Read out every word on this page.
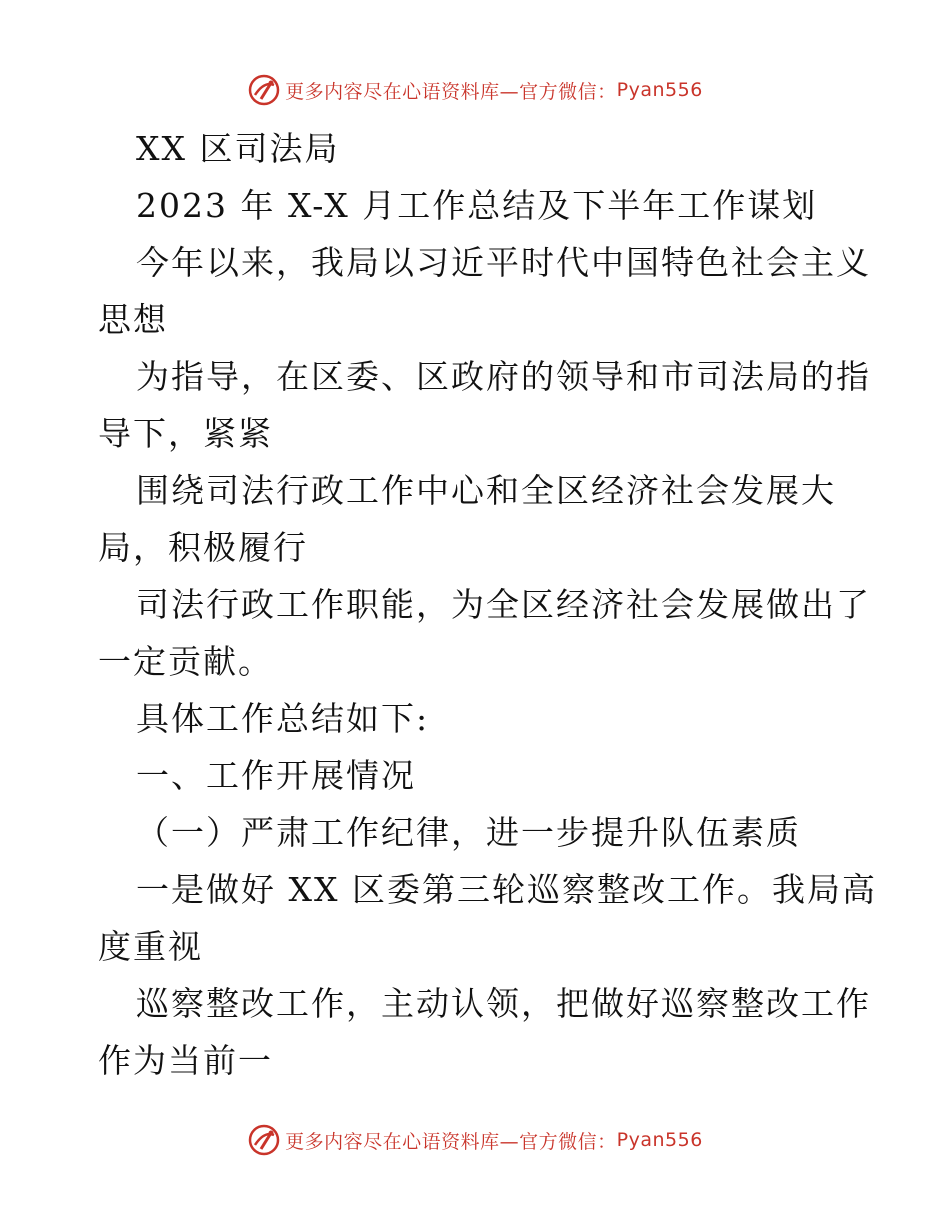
更多内容尽在心语资料库—官方微信： Pyan556
XX 区司法局
2023 年 X-X 月工作总结及下半年工作谋划
今年以来，我局以习近平时代中国特色社会主义
思想
为指导，在区委、区政府的领导和市司法局的指
导下，紧紧
围绕司法行政工作中心和全区经济社会发展大
局，积极履行
司法行政工作职能，为全区经济社会发展做出了
一定贡献。
具体工作总结如下:
一、工作开展情况
（一）严肃工作纪律，进一步提升队伍素质
一是做好 XX 区委第三轮巡察整改工作。我局高
度重视
巡察整改工作，主动认领，把做好巡察整改工作
作为当前一
更多内容尽在心语资料库—官方微信： Pyan556
